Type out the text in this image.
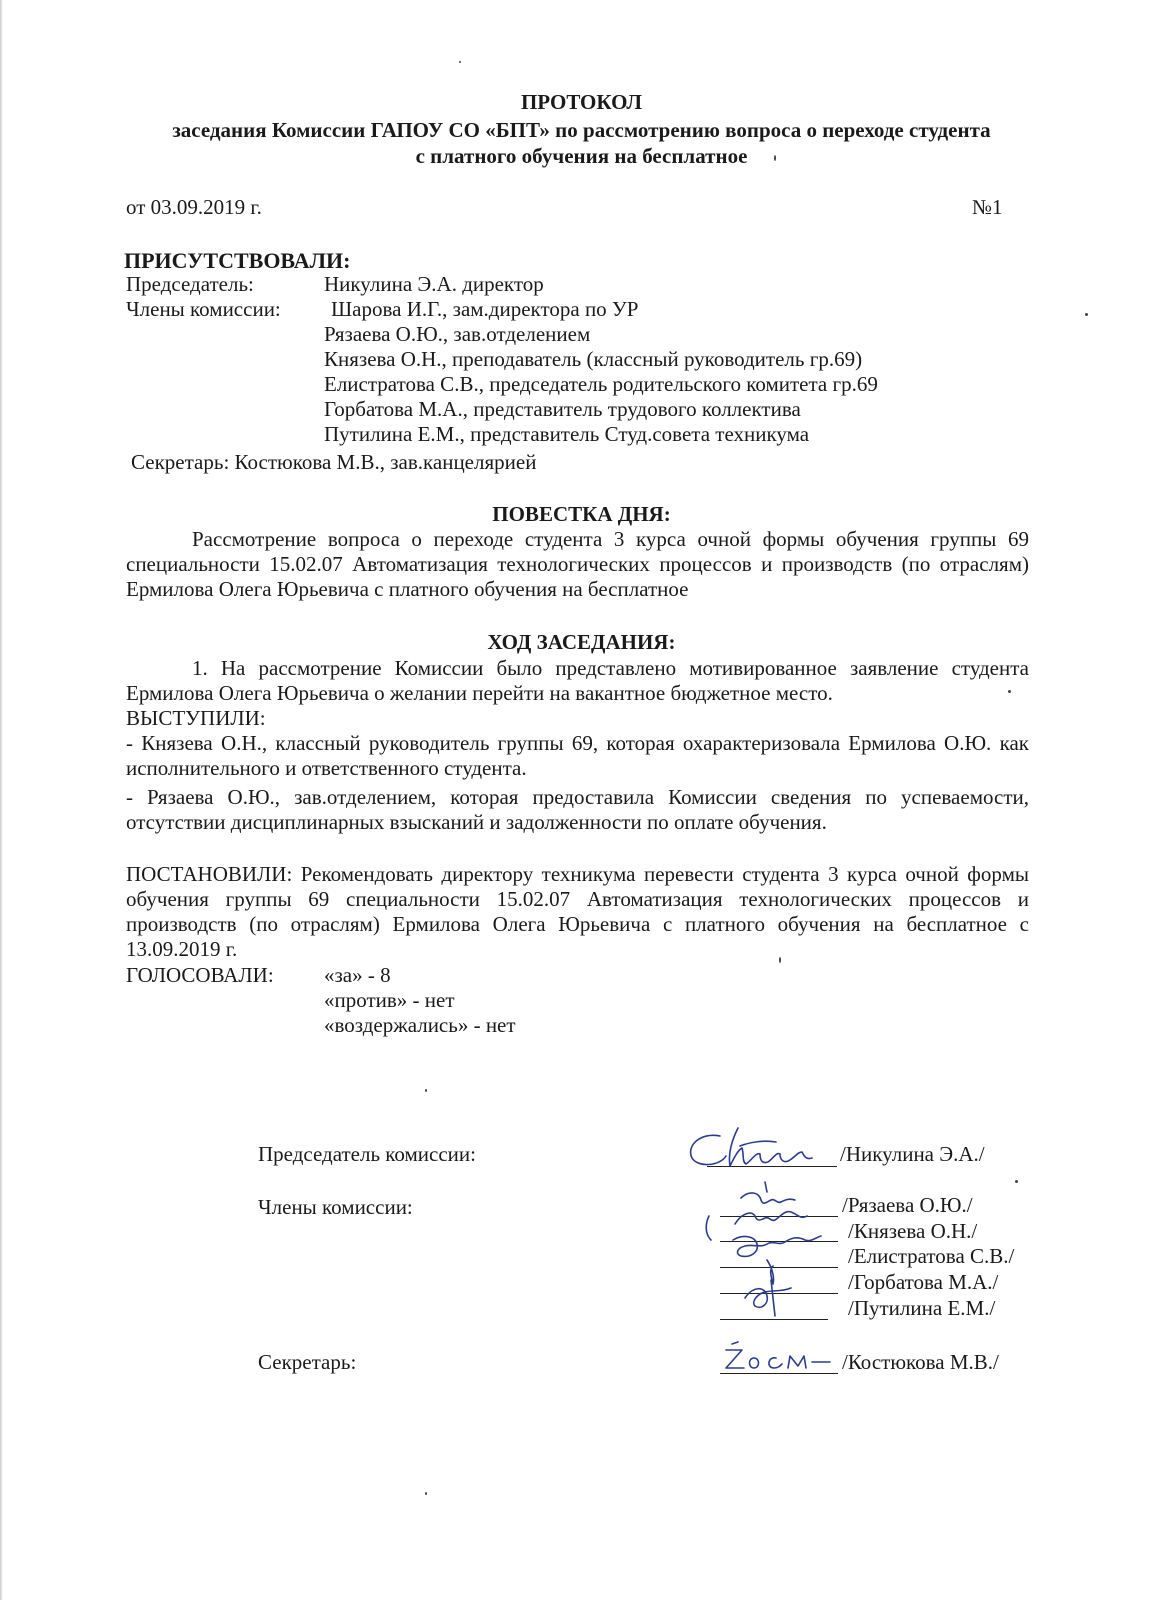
ПРОТОКОЛ
заседания Комиссии ГАПОУ СО «БПТ» по рассмотрению вопроса о переходе студента
с платного обучения на бесплатное
от 03.09.2019 г.	№1
ПРИСУТСТВОВАЛИ:
Председатель:	Никулина Э.А. директор
Члены комиссии: Шарова И.Г., зам.директора по УР
Рязаева О.Ю., зав.отделением
Князева О.Н., преподаватель (классный руководитель гр.69)
Елистратова С.В., председатель родительского комитета гр.69
Горбатова М.А., представитель трудового коллектива
Путилина Е.М., представитель Студ.совета техникума
Секретарь: Костюкова М.В., зав.канцелярией
ПОВЕСТКА ДНЯ:
Рассмотрение вопроса о переходе студента 3 курса очной формы обучения группы 69 специальности 15.02.07 Автоматизация технологических процессов и производств (по отраслям) Ермилова Олега Юрьевича с платного обучения на бесплатное
ХОД ЗАСЕДАНИЯ:
1. На рассмотрение Комиссии было представлено мотивированное заявление студента Ермилова Олега Юрьевича о желании перейти на вакантное бюджетное место.
ВЫСТУПИЛИ:
- Князева О.Н., классный руководитель группы 69, которая охарактеризовала Ермилова О.Ю. как исполнительного и ответственного студента.
- Рязаева О.Ю., зав.отделением, которая предоставила Комиссии сведения по успеваемости, отсутствии дисциплинарных взысканий и задолженности по оплате обучения.
ПОСТАНОВИЛИ: Рекомендовать директору техникума перевести студента 3 курса очной формы обучения группы 69 специальности 15.02.07 Автоматизация технологических процессов и производств (по отраслям) Ермилова Олега Юрьевича с платного обучения на бесплатное с 13.09.2019 г.
ГОЛОСОВАЛИ: «за» - 8
«против» - нет
«воздержались» - нет
Председатель комиссии:	/Никулина Э.А./
Члены комиссии:	/Рязаева О.Ю./
/Князева О.Н./
/Елистратова С.В./
/Горбатова М.А./
/Путилина Е.М./
Секретарь:	/Костюкова М.В./
